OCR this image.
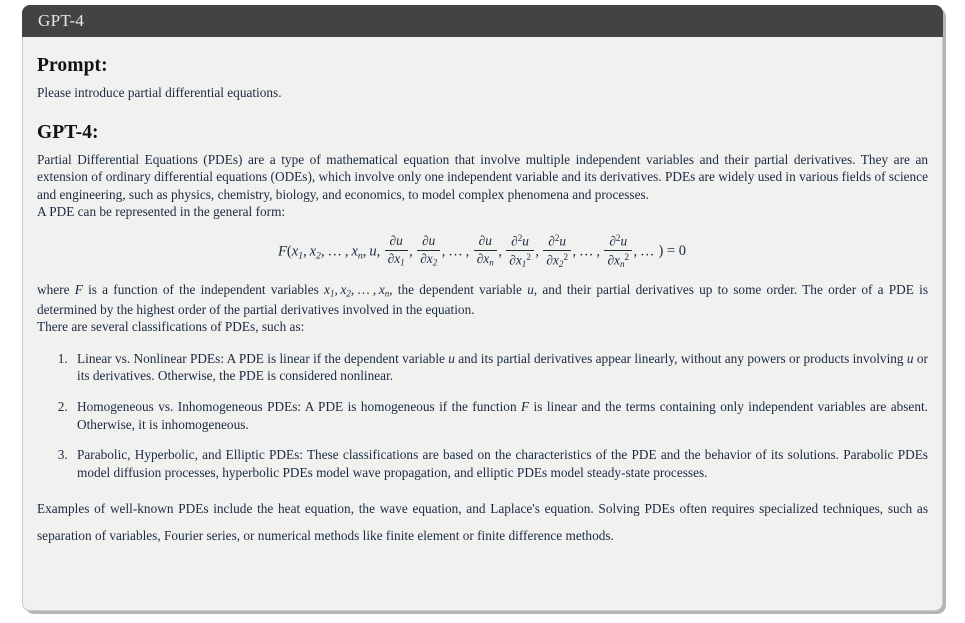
GPT-4
Prompt:

Please introduce partial differential equations.

GPT-4:

Partial Differential Equations (PDEs) are a type of mathematical equation that involve multiple independent variables and their partial derivatives. They are an extension of ordinary differential equations (ODEs), which involve only one independent variable and its derivatives. PDEs are widely used in various fields of science and engineering, such as physics, chemistry, biology, and economics, to model complex phenomena and processes.

A PDE can be represented in the general form:

$F(x_1$, $x_2$, … , $x_n$, u,  $\frac{\partial u}{\partial x_1}$ ,  $\frac{\partial u}{\partial x_2}$ , … ,  $\frac{\partial u}{\partial x_n}$ ,  $\frac{\partial^2u}{\partial x_1^2}$ ,  $\frac{\partial^2u}{\partial x_2^2}$ , … ,  $\frac{\partial^2u}{\partial x_n^2}$ , … ) = 0

where F is a function of the independent variables $x_1$, $x_2$, … , $x_n$, the dependent variable u, and their partial derivatives up to some order. The order of a PDE is determined by the highest order of the partial derivatives involved in the equation.

There are several classifications of PDEs, such as:

1. Linear vs. Nonlinear PDEs: A PDE is linear if the dependent variable u and its partial derivatives appear linearly, without any powers or products involving u or its derivatives. Otherwise, the PDE is considered nonlinear.
2. Homogeneous vs. Inhomogeneous PDEs: A PDE is homogeneous if the function F is linear and the terms containing only independent variables are absent. Otherwise, it is inhomogeneous.
3. Parabolic, Hyperbolic, and Elliptic PDEs: These classifications are based on the characteristics of the PDE and the behavior of its solutions. Parabolic PDEs model diffusion processes, hyperbolic PDEs model wave propagation, and elliptic PDEs model steady-state processes.

Examples of well-known PDEs include the heat equation, the wave equation, and Laplace's equation. Solving PDEs often requires specialized techniques, such as separation of variables, Fourier series, or numerical methods like finite element or finite difference methods.
